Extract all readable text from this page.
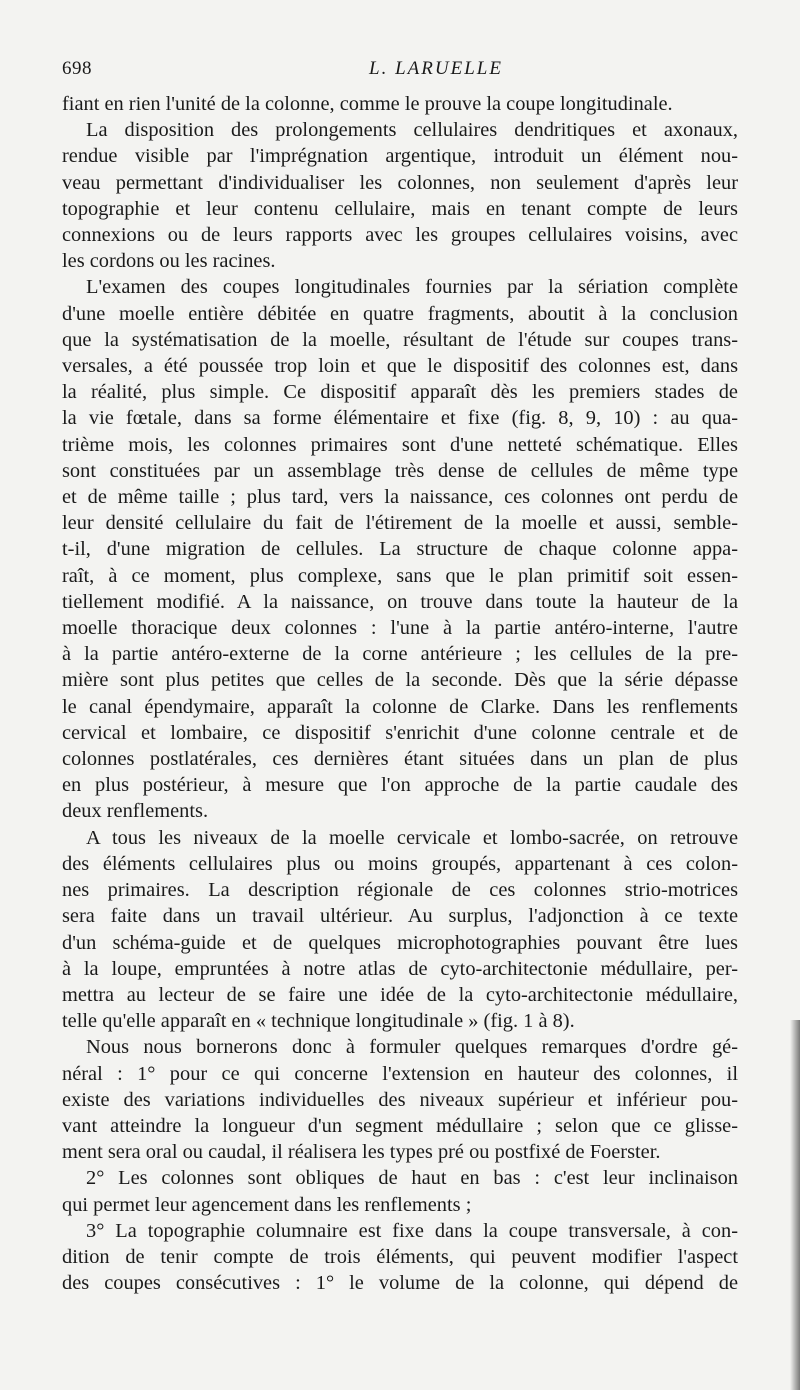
698	L. LARUELLE
fiant en rien l'unité de la colonne, comme le prouve la coupe longitudinale.
La disposition des prolongements cellulaires dendritiques et axonaux,
rendue visible par l'imprégnation argentique, introduit un élément nou-
veau permettant d'individualiser les colonnes, non seulement d'après leur
topographie et leur contenu cellulaire, mais en tenant compte de leurs
connexions ou de leurs rapports avec les groupes cellulaires voisins, avec
les cordons ou les racines.
L'examen des coupes longitudinales fournies par la sériation complète
d'une moelle entière débitée en quatre fragments, aboutit à la conclusion
que la systématisation de la moelle, résultant de l'étude sur coupes trans-
versales, a été poussée trop loin et que le dispositif des colonnes est, dans
la réalité, plus simple. Ce dispositif apparaît dès les premiers stades de
la vie fœtale, dans sa forme élémentaire et fixe (fig. 8, 9, 10) : au qua-
trième mois, les colonnes primaires sont d'une netteté schématique. Elles
sont constituées par un assemblage très dense de cellules de même type
et de même taille ; plus tard, vers la naissance, ces colonnes ont perdu de
leur densité cellulaire du fait de l'étirement de la moelle et aussi, semble-
t-il, d'une migration de cellules. La structure de chaque colonne appa-
raît, à ce moment, plus complexe, sans que le plan primitif soit essen-
tiellement modifié. A la naissance, on trouve dans toute la hauteur de la
moelle thoracique deux colonnes : l'une à la partie antéro-interne, l'autre
à la partie antéro-externe de la corne antérieure ; les cellules de la pre-
mière sont plus petites que celles de la seconde. Dès que la série dépasse
le canal épendymaire, apparaît la colonne de Clarke. Dans les renflements
cervical et lombaire, ce dispositif s'enrichit d'une colonne centrale et de
colonnes postlatérales, ces dernières étant situées dans un plan de plus
en plus postérieur, à mesure que l'on approche de la partie caudale des
deux renflements.
A tous les niveaux de la moelle cervicale et lombo-sacrée, on retrouve
des éléments cellulaires plus ou moins groupés, appartenant à ces colon-
nes primaires. La description régionale de ces colonnes strio-motrices
sera faite dans un travail ultérieur. Au surplus, l'adjonction à ce texte
d'un schéma-guide et de quelques microphotographies pouvant être lues
à la loupe, empruntées à notre atlas de cyto-architectonie médullaire, per-
mettra au lecteur de se faire une idée de la cyto-architectonie médullaire,
telle qu'elle apparaît en « technique longitudinale » (fig. 1 à 8).
Nous nous bornerons donc à formuler quelques remarques d'ordre gé-
néral : 1° pour ce qui concerne l'extension en hauteur des colonnes, il
existe des variations individuelles des niveaux supérieur et inférieur pou-
vant atteindre la longueur d'un segment médullaire ; selon que ce glisse-
ment sera oral ou caudal, il réalisera les types pré ou postfixé de Foerster.
2° Les colonnes sont obliques de haut en bas : c'est leur inclinaison
qui permet leur agencement dans les renflements ;
3° La topographie columnaire est fixe dans la coupe transversale, à con-
dition de tenir compte de trois éléments, qui peuvent modifier l'aspect
des coupes consécutives : 1° le volume de la colonne, qui dépend de
